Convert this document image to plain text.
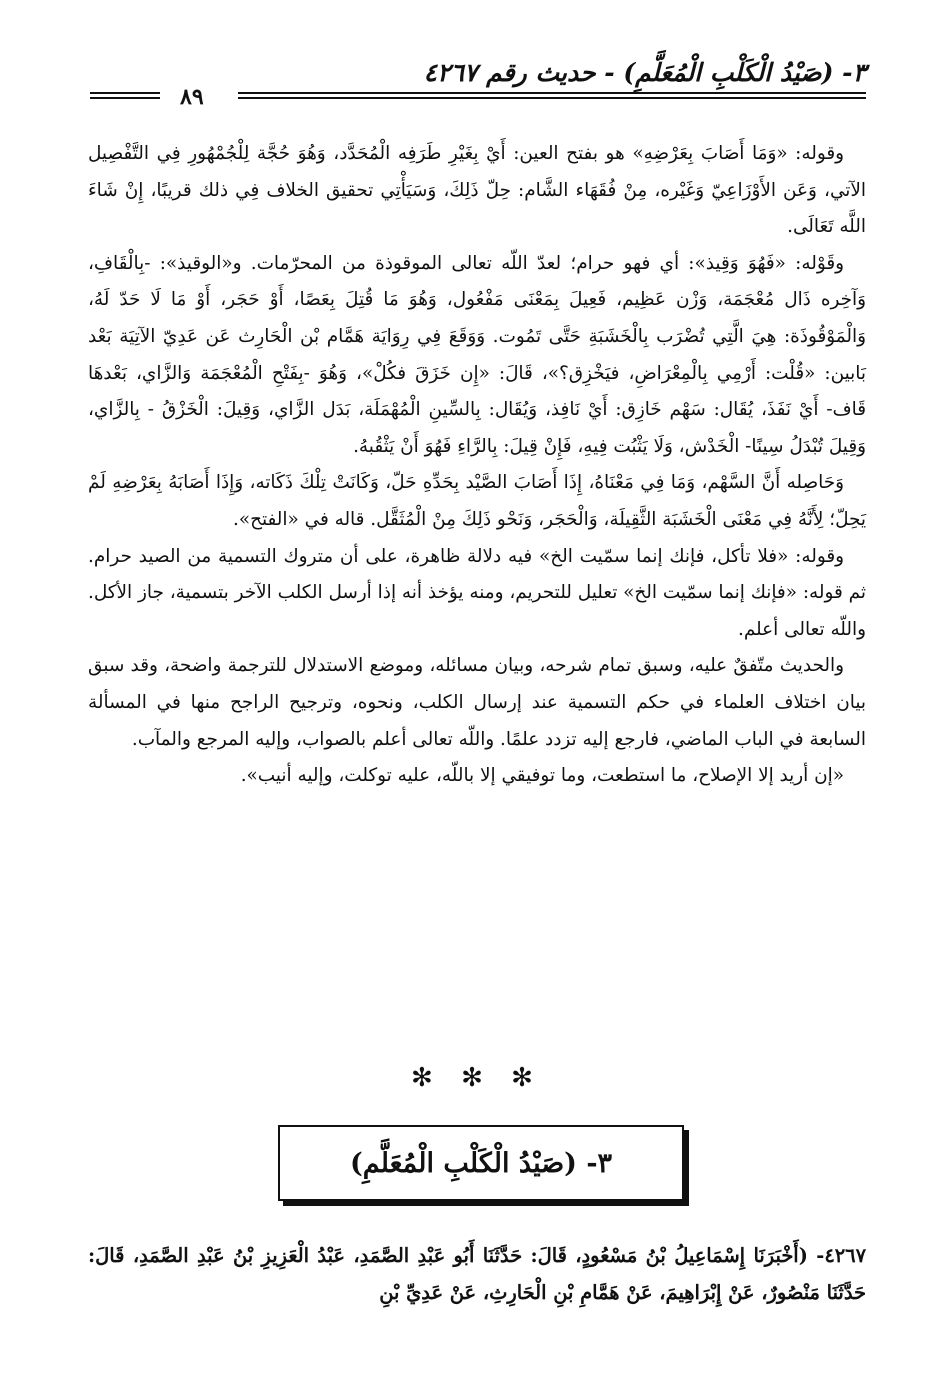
٣- (صَيْدُ الْكَلْبِ الْمُعَلَّمِ) - حديث رقم ٤٢٦٧
٨٩

وقوله: «وَمَا أَصَابَ بِعَرْضِهِ» هو بفتح العين: أَيْ بِغَيْرِ طَرَفِه الْمُحَدَّد، وَهُوَ حُجَّة لِلْجُمْهُورِ فِي التَّفْصِيل الآتي، وَعَن الأَوْزَاعِيّ وَغَيْره، مِنْ فُقَهَاء الشَّام: حِلّ ذَلِكَ، وَسَيَأْتِي تحقيق الخلاف فِي ذلك قريبًا، إِنْ شَاءَ اللَّه تَعَالَى.

وقَوْله: «فَهُوَ وَقِيذ»: أي فهو حرام؛ لعدّ اللّه تعالى الموقوذة من المحرّمات. و«الوقيذ»: -بِالْقَافِ، وَآخِره ذَال مُعْجَمَة، وَزْن عَظِيم، فَعِيلَ بِمَعْنَى مَفْعُول، وَهُوَ مَا قُتِلَ بِعَصًا، أَوْ حَجَر، أَوْ مَا لَا حَدّ لَهُ، وَالْمَوْقُوذَة: هِيَ الَّتِي تُضْرَب بِالْخَشَبَةِ حَتَّى تَمُوت. وَوَقَعَ فِي رِوَايَة هَمَّام بْن الْحَارِث عَن عَدِيّ الآتِيَة بَعْد بَابين: «قُلْت: أَرْمِي بِالْمِعْرَاضِ، فيَخْزِق؟»، قَالَ: «إِن خَزَقَ فكُلْ»، وَهُوَ -بِفَتْحِ الْمُعْجَمَة وَالزَّاي، بَعْدهَا قَاف- أَيْ نَفَذَ، يُقَال: سَهْم خَازِق: أَيْ نَافِذ، وَيُقَال: بِالسِّينِ الْمُهْمَلَة، بَدَل الزَّاي، وَقِيلَ: الْخَزْقُ - بِالزَّاي، وَقِيلَ تُبْدَلُ سِينًا- الْخَدْش، وَلَا يَثْبُت فِيهِ، فَإِنْ قِيلَ: بِالرَّاءِ فَهُوَ أَنْ يَثْقُبهُ.

وَحَاصِله أَنَّ السَّهْم، وَمَا فِي مَعْنَاهُ، إِذَا أَصَابَ الصَّيْد بِحَدِّهِ حَلّ، وَكَانَتْ تِلْكَ ذَكَاته، وَإِذَا أَصَابَهُ بِعَرْضِهِ لَمْ يَحِلّ؛ لِأَنَّهُ فِي مَعْنَى الْخَشَبَة الثَّقِيلَة، وَالْحَجَر، وَنَحْو ذَلِكَ مِنْ الْمُثَقَّل. قاله في «الفتح».

وقوله: «فلا تأكل، فإنك إنما سمّيت الخ» فيه دلالة ظاهرة، على أن متروك التسمية من الصيد حرام. ثم قوله: «فإنك إنما سمّيت الخ» تعليل للتحريم، ومنه يؤخذ أنه إذا أرسل الكلب الآخر بتسمية، جاز الأكل. واللّه تعالى أعلم.

والحديث متّفقٌ عليه، وسبق تمام شرحه، وبيان مسائله، وموضع الاستدلال للترجمة واضحة، وقد سبق بيان اختلاف العلماء في حكم التسمية عند إرسال الكلب، ونحوه، وترجيح الراجح منها في المسألة السابعة في الباب الماضي، فارجع إليه تزدد علمًا. واللّه تعالى أعلم بالصواب، وإليه المرجع والمآب.

«إن أريد إلا الإصلاح، ما استطعت، وما توفيقي إلا باللّه، عليه توكلت، وإليه أنيب».

✻ ✻ ✻
٣- (صَيْدُ الْكَلْبِ الْمُعَلَّمِ)

٤٢٦٧- (أَخْبَرَنَا إِسْمَاعِيلُ بْنُ مَسْعُودٍ، قَالَ: حَدَّثَنَا أَبُو عَبْدِ الصَّمَدِ، عَبْدُ الْعَزِيزِ بْنُ عَبْدِ الصَّمَدِ، قَالَ: حَدَّثَنَا مَنْصُورٌ، عَنْ إِبْرَاهِيمَ، عَنْ هَمَّامِ بْنِ الْحَارِثِ، عَنْ عَدِيِّ بْنِ
